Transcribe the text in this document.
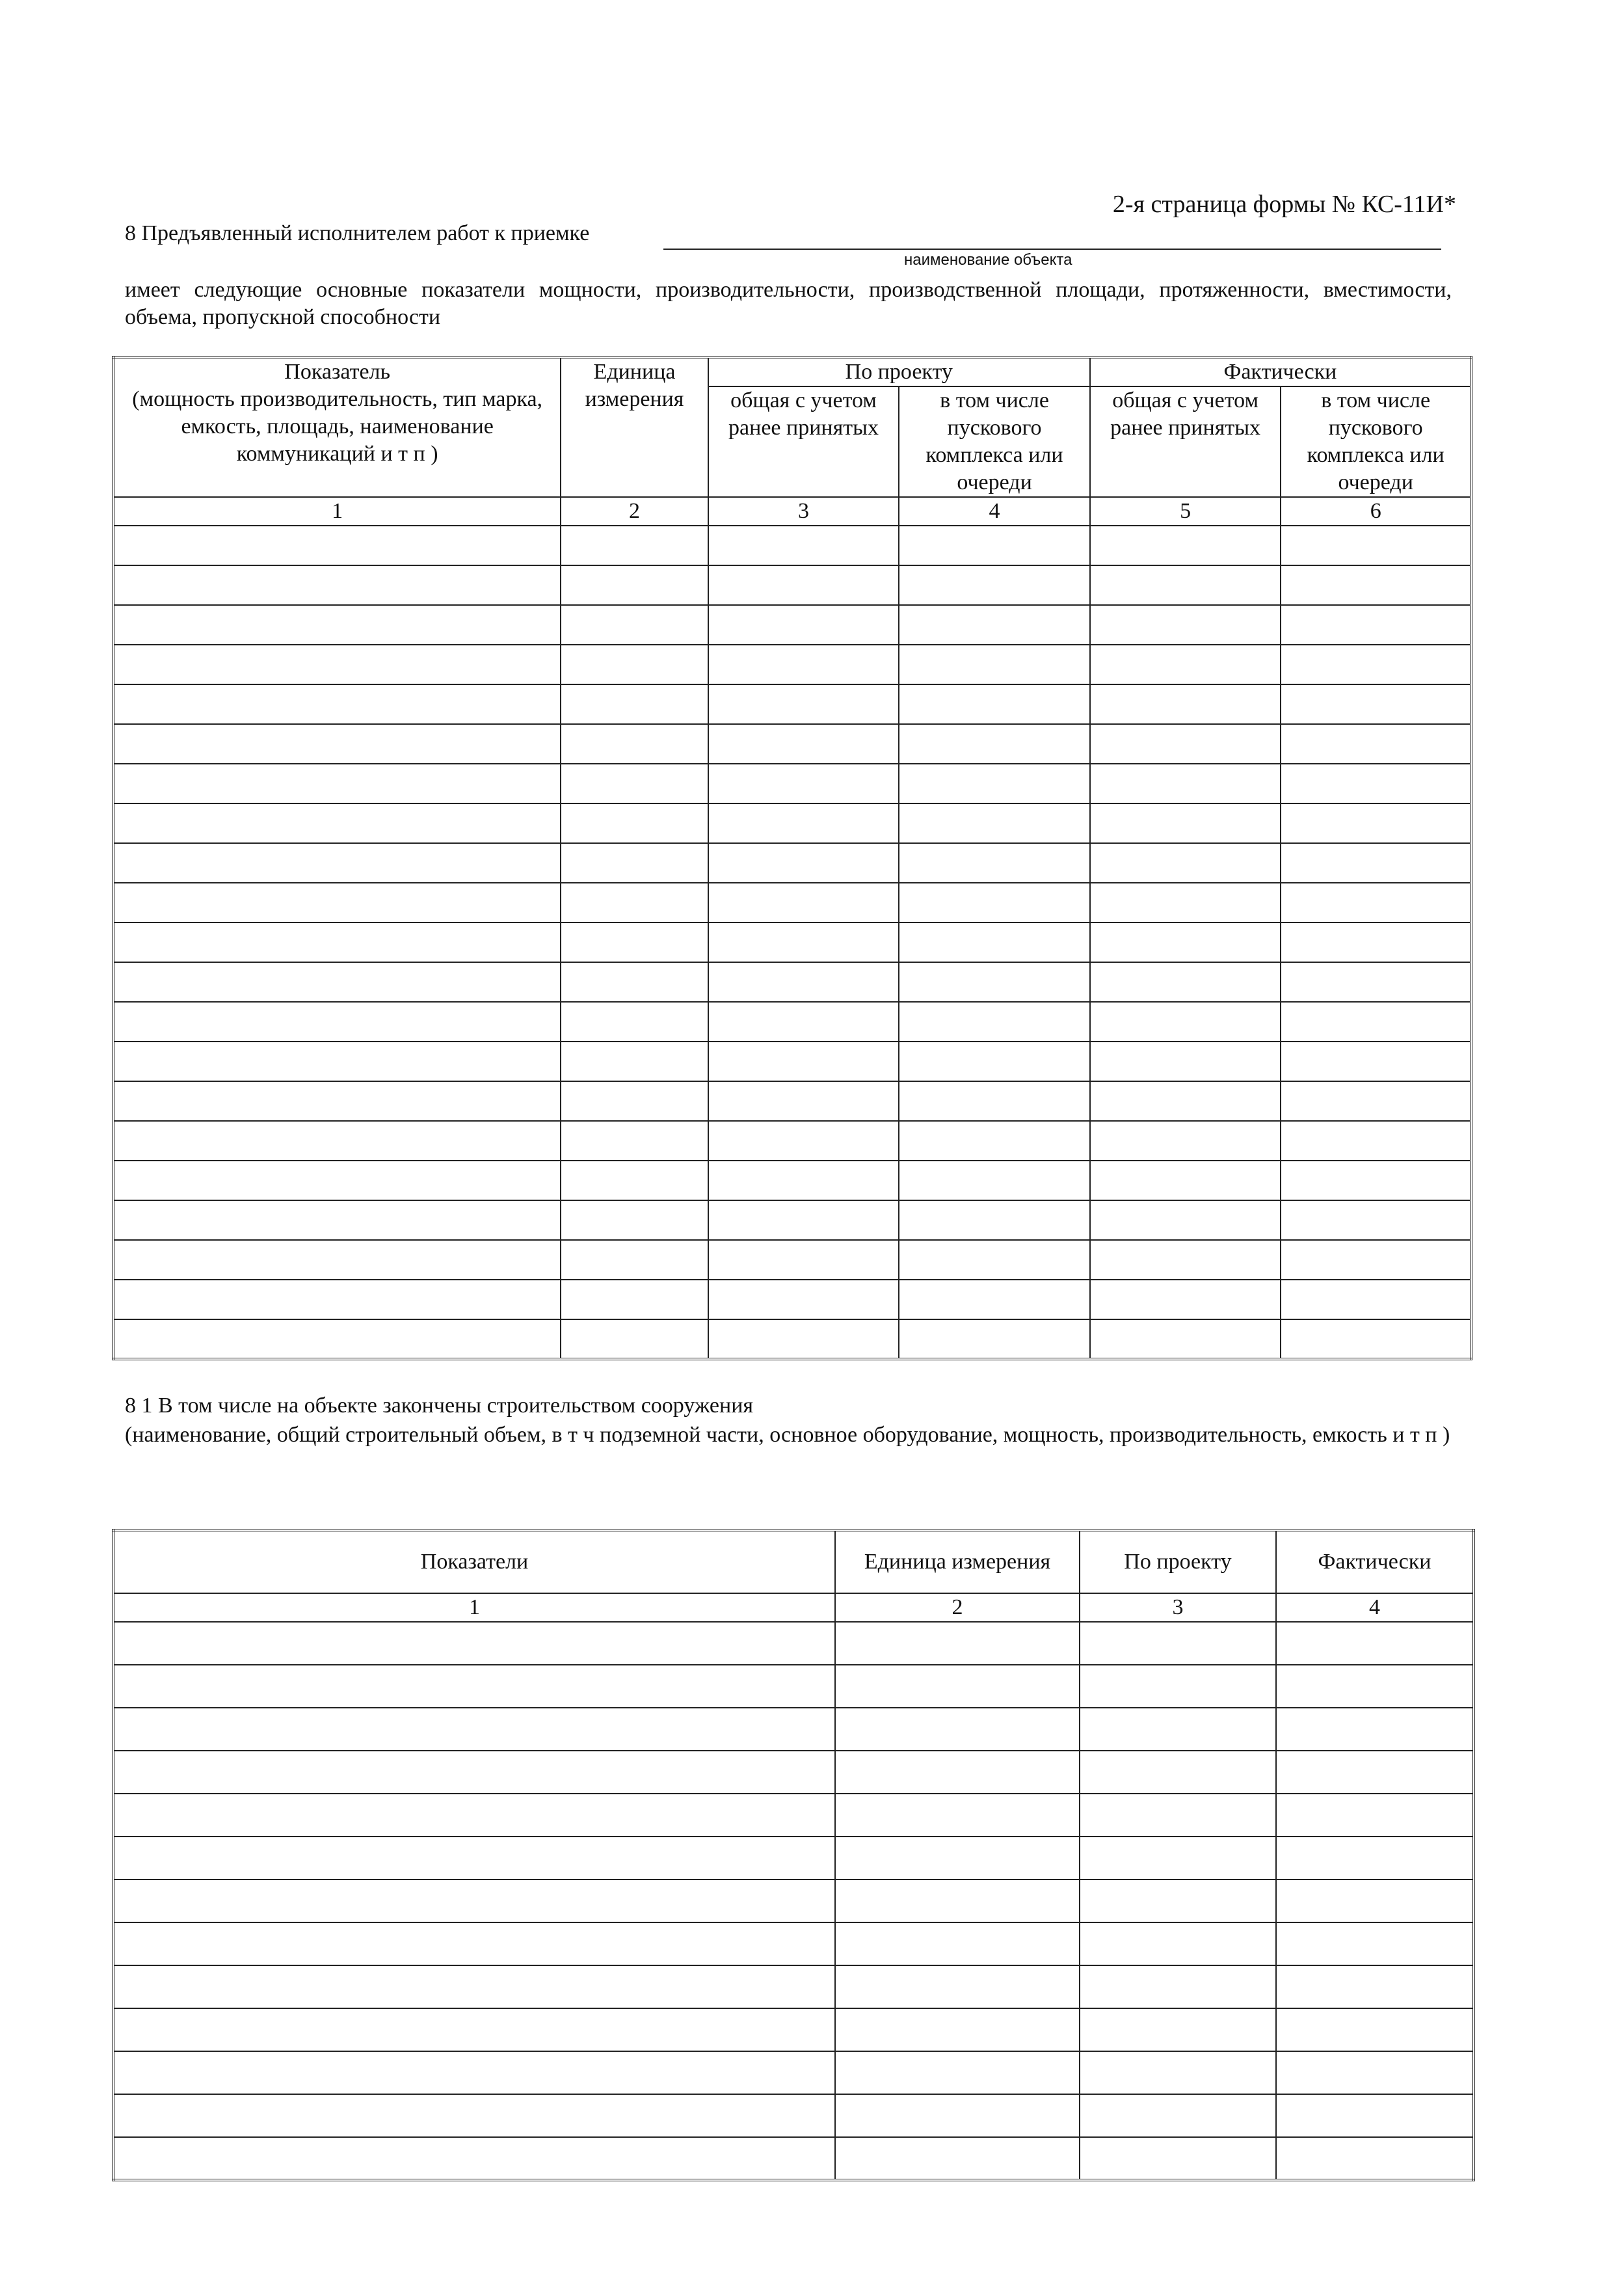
2-я страница формы № КС-11И*
8 Предъявленный исполнителем работ к приемке
наименование объекта
имеет следующие основные показатели мощности, производительности, производственной площади, протяженности, вместимости, объема, пропускной способности
Показатель
(мощность производительность, тип марка, емкость, площадь, наименование коммуникаций и т п )	Единица измерения	По проекту		Фактически	
		общая с учетом ранее принятых	в том числе пускового комплекса или очереди	общая с учетом ранее принятых	в том числе пускового комплекса или очереди
1	2	3	4	5	6

8 1 В том числе на объекте закончены строительством сооружения
(наименование, общий строительный объем, в т ч подземной части, основное оборудование, мощность, производительность, емкость и т п )
Показатели	Единица измерения	По проекту	Фактически
1	2	3	4
